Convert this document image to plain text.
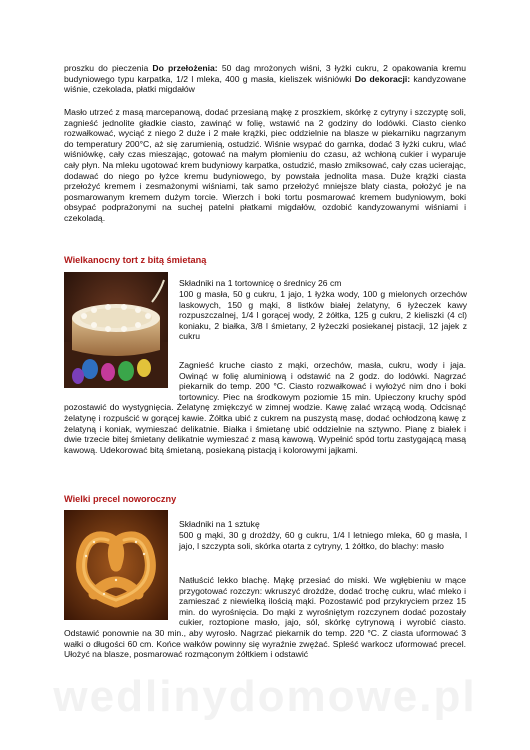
proszku do pieczenia Do przełożenia: 50 dag mrożonych wiśni, 3 łyżki cukru, 2 opakowania kremu budyniowego typu karpatka, 1/2 l mleka, 400 g masła, kieliszek wiśniówki Do dekoracji: kandyzowane wiśnie, czekolada, płatki migdałów

Masło utrzeć z masą marcepanową, dodać przesianą mąkę z proszkiem, skórkę z cytryny i szczyptę soli, zagnieść jednolite gładkie ciasto, zawinąć w folię, wstawić na 2 godziny do lodówki. Ciasto cienko rozwałkować, wyciąć z niego 2 duże i 2 małe krążki, piec oddzielnie na blasze w piekarniku nagrzanym do temperatury 200°C, aż się zarumienią, ostudzić. Wiśnie wsypać do garnka, dodać 3 łyżki cukru, wlać wiśniówkę, cały czas mieszając, gotować na małym płomieniu do czasu, aż wchłoną cukier i wyparuje cały płyn. Na mleku ugotować krem budyniowy karpatka, ostudzić, masło zmiksować, cały czas ucierając, dodawać do niego po łyżce kremu budyniowego, by powstała jednolita masa. Duże krążki ciasta przełożyć kremem i zesmażonymi wiśniami, tak samo przełożyć mniejsze blaty ciasta, położyć je na posmarowanym kremem dużym torcie. Wierzch i boki tortu posmarować kremem budyniowym, boki obsypać podprażonymi na suchej patelni płatkami migdałów, ozdobić kandyzowanymi wiśniami i czekoladą.

Wielkanocny tort z bitą śmietaną

Składniki na 1 tortownicę o średnicy 26 cm

100 g masła, 50 g cukru, 1 jajo, 1 łyżka wody, 100 g mielonych orzechów laskowych, 150 g mąki, 8 listków białej żelatyny, 6 łyżeczek kawy rozpuszczalnej, 1/4 l gorącej wody, 2 żółtka, 125 g cukru, 2 kieliszki (4 cl) koniaku, 2 białka, 3/8 l śmietany, 2 łyżeczki posiekanej pistacji, 12 jajek z cukru

Zagnieść kruche ciasto z mąki, orzechów, masła, cukru, wody i jaja. Owinąć w folię aluminiową i odstawić na 2 godz. do lodówki. Nagrzać piekarnik do temp. 200 °C. Ciasto rozwałkować i wyłożyć nim dno i boki tortownicy. Piec na środkowym poziomie 15 min. Upieczony kruchy spód pozostawić do wystygnięcia. Żelatynę zmiękczyć w zimnej wodzie. Kawę zalać wrzącą wodą. Odcisnąć żelatynę i rozpuścić w gorącej kawie. Żółtka ubić z cukrem na puszystą masę, dodać ochłodzoną kawę z żelatyną i koniak, wymieszać delikatnie. Białka i śmietanę ubić oddzielnie na sztywno. Pianę z białek i dwie trzecie bitej śmietany delikatnie wymieszać z masą kawową. Wypełnić spód tortu zastygającą masą kawową. Udekorować bitą śmietaną, posiekaną pistacją i kolorowymi jajkami.

Wielki precel noworoczny

Składniki na 1 sztukę

500 g mąki, 30 g drożdży, 60 g cukru, 1/4 l letniego mleka, 60 g masła, l jajo, l szczypta soli, skórka otarta z cytryny, 1 żółtko, do blachy: masło

Natłuścić lekko blachę. Mąkę przesiać do miski. We wgłębieniu w mące przygotować rozczyn: wkruszyć drożdże, dodać trochę cukru, wlać mleko i zamieszać z niewielką ilością mąki. Pozostawić pod przykryciem przez 15 min. do wyrośnięcia. Do mąki z wyrośniętym rozczynem dodać pozostały cukier, roztopione masło, jajo, sól, skórkę cytrynową i wyrobić ciasto. Odstawić ponownie na 30 min., aby wyrosło. Nagrzać piekarnik do temp. 220 °C. Z ciasta uformować 3 wałki o długości 60 cm. Końce wałków powinny się wyraźnie zwężać. Spleść warkocz uformować precel. Ułożyć na blasze, posmarować rozmąconym żółtkiem i odstawić

wedlinydomowe.pl
